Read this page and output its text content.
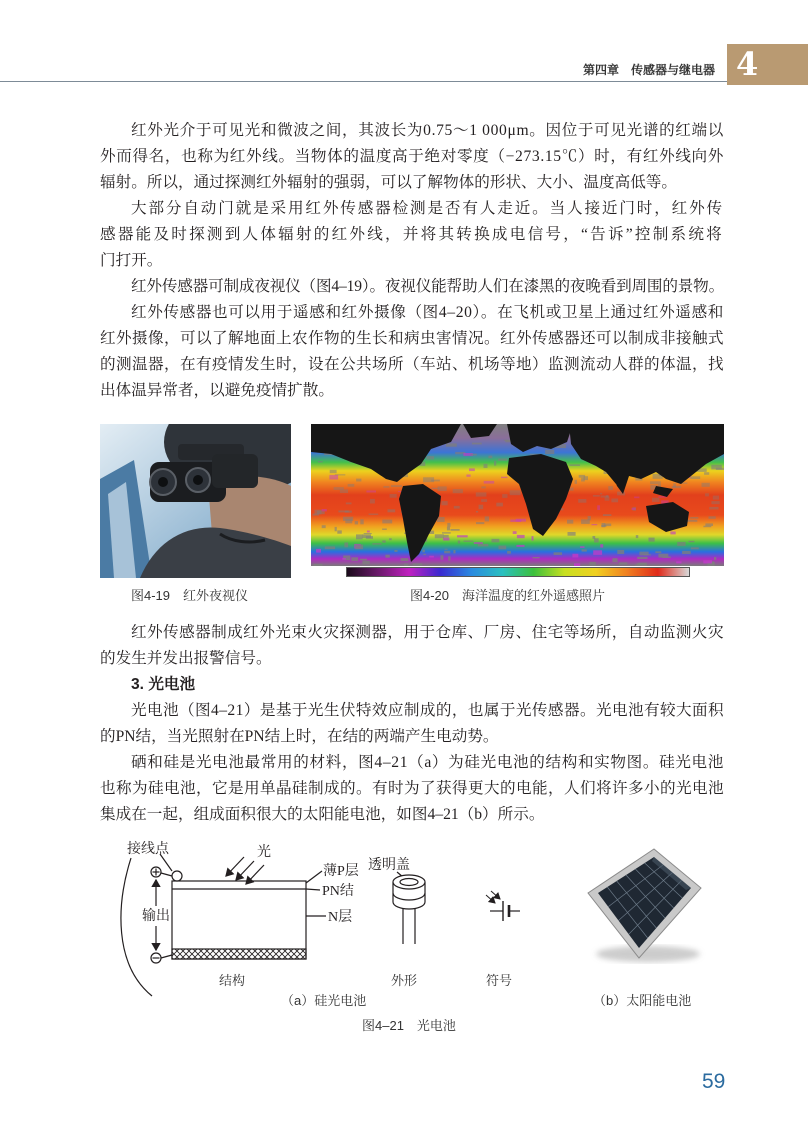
第四章　传感器与继电器 4
红外光介于可见光和微波之间，其波长为0.75～1 000μm。因位于可见光谱的红端以
外而得名，也称为红外线。当物体的温度高于绝对零度（−273.15℃）时，有红外线向外
辐射。所以，通过探测红外辐射的强弱，可以了解物体的形状、大小、温度高低等。
大部分自动门就是采用红外传感器检测是否有人走近。当人接近门时，红外传
感器能及时探测到人体辐射的红外线，并将其转换成电信号，“告诉”控制系统将
门打开。
红外传感器可制成夜视仪（图4–19）。夜视仪能帮助人们在漆黑的夜晚看到周围的景物。
红外传感器也可以用于遥感和红外摄像（图4–20）。在飞机或卫星上通过红外遥感和
红外摄像，可以了解地面上农作物的生长和病虫害情况。红外传感器还可以制成非接触式
的测温器，在有疫情发生时，设在公共场所（车站、机场等地）监测流动人群的体温，找
出体温异常者，以避免疫情扩散。
图4-19　红外夜视仪	图4-20　海洋温度的红外遥感照片
红外传感器制成红外光束火灾探测器，用于仓库、厂房、住宅等场所，自动监测火灾
的发生并发出报警信号。
3. 光电池
光电池（图4–21）是基于光生伏特效应制成的，也属于光传感器。光电池有较大面积
的PN结，当光照射在PN结上时，在结的两端产生电动势。
硒和硅是光电池最常用的材料，图4–21（a）为硅光电池的结构和实物图。硅光电池
也称为硅电池，它是用单晶硅制成的。有时为了获得更大的电能，人们将许多小的光电池
集成在一起，组成面积很大的太阳能电池，如图4–21（b）所示。
接线点	光
薄P层
PN结
N层
输出
透明盖
结构	外形	符号
（a）硅光电池	（b）太阳能电池
图4–21　光电池
59
